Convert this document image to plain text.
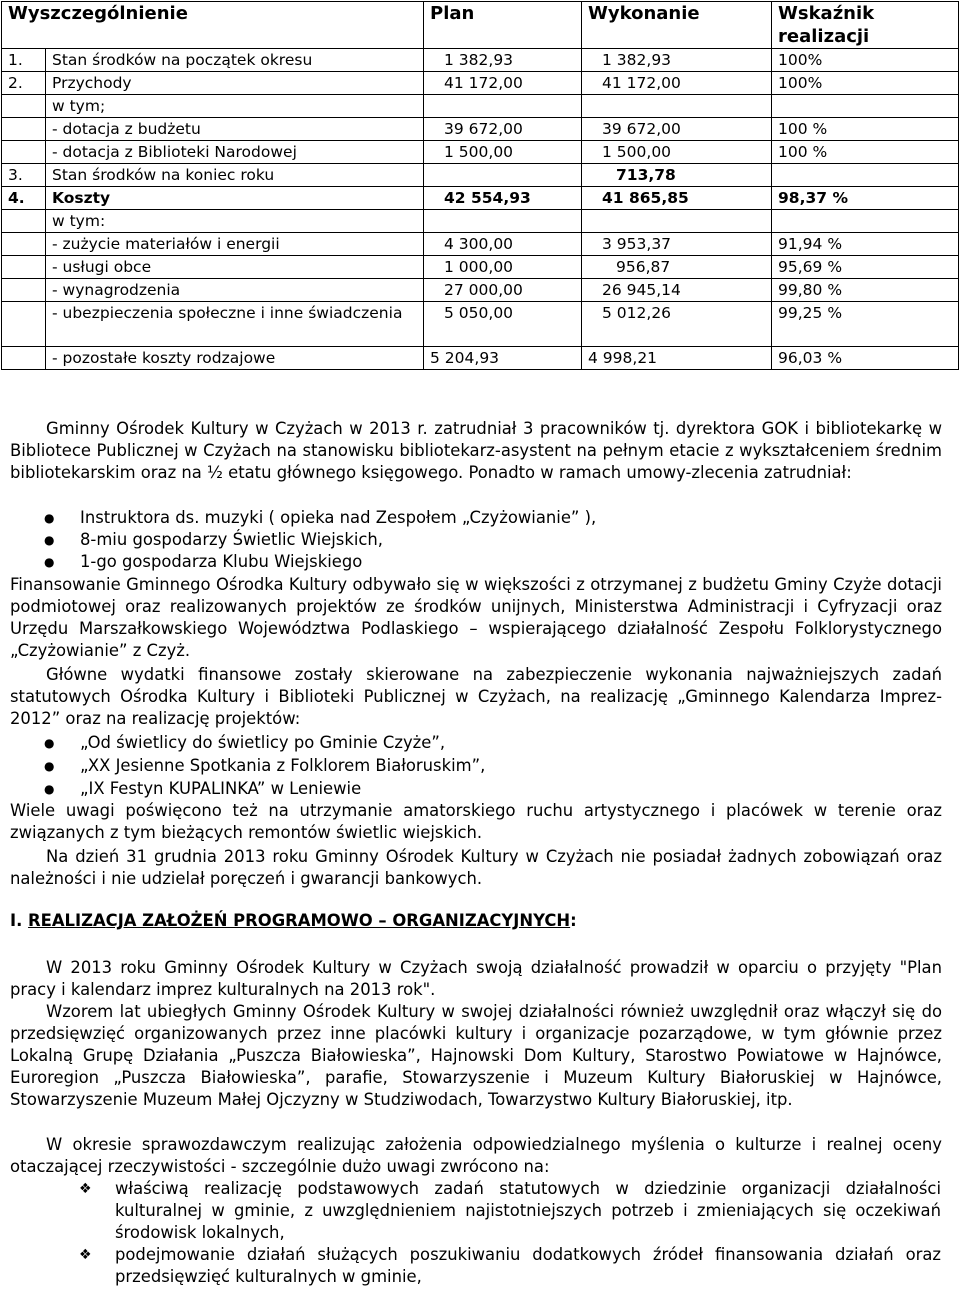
Wyszczególnienie		Plan	Wykonanie	Wskaźnik realizacji
1.	Stan środków na początek okresu	1 382,93	1 382,93	100%
2.	Przychody	41 172,00	41 172,00	100%
	w tym;			
	- dotacja z budżetu	39 672,00	39 672,00	100 %
	- dotacja z Biblioteki Narodowej	1 500,00	1 500,00	100 %
3.	Stan środków na koniec roku		713,78	
4.	Koszty	42 554,93	41 865,85	98,37 %
	w tym:			
	- zużycie materiałów i energii	4 300,00	3 953,37	91,94 %
	- usługi obce	1 000,00	956,87	95,69 %
	- wynagrodzenia	27 000,00	26 945,14	99,80 %
	- ubezpieczenia społeczne i inne świadczenia	5 050,00	5 012,26	99,25 %
	- pozostałe koszty rodzajowe	5 204,93	4 998,21	96,03 %

Gminny Ośrodek Kultury w Czyżach w 2013 r. zatrudniał 3 pracowników tj. dyrektora GOK i bibliotekarkę w Bibliotece Publicznej w Czyżach na stanowisku bibliotekarz-asystent na pełnym etacie z wykształceniem średnim bibliotekarskim oraz na ½ etatu głównego księgowego. Ponadto w ramach umowy-zlecenia zatrudniał:

● Instruktora ds. muzyki ( opieka nad Zespołem „Czyżowianie” ),
● 8-miu gospodarzy Świetlic Wiejskich,
● 1-go gospodarza Klubu Wiejskiego

Finansowanie Gminnego Ośrodka Kultury odbywało się w większości z otrzymanej z budżetu Gminy Czyże dotacji podmiotowej oraz realizowanych projektów ze środków unijnych, Ministerstwa Administracji i Cyfryzacji oraz Urzędu Marszałkowskiego Województwa Podlaskiego – wspierającego działalność Zespołu Folklorystycznego „Czyżowianie” z Czyż.

Główne wydatki finansowe zostały skierowane na zabezpieczenie wykonania najważniejszych zadań statutowych Ośrodka Kultury i Biblioteki Publicznej w Czyżach, na realizację „Gminnego Kalendarza Imprez-2012” oraz na realizację projektów:

● „Od świetlicy do świetlicy po Gminie Czyże”,
● „XX Jesienne Spotkania z Folklorem Białoruskim”,
● „IX Festyn KUPALINKA” w Leniewie

Wiele uwagi poświęcono też na utrzymanie amatorskiego ruchu artystycznego i placówek w terenie oraz związanych z tym bieżących remontów świetlic wiejskich.

Na dzień 31 grudnia 2013 roku Gminny Ośrodek Kultury w Czyżach nie posiadał żadnych zobowiązań oraz należności i nie udzielał poręczeń i gwarancji bankowych.

I. REALIZACJA ZAŁOŻEŃ PROGRAMOWO – ORGANIZACYJNYCH:

W 2013 roku Gminny Ośrodek Kultury w Czyżach swoją działalność prowadził w oparciu o przyjęty "Plan pracy i kalendarz imprez kulturalnych na 2013 rok".

Wzorem lat ubiegłych Gminny Ośrodek Kultury w swojej działalności również uwzględnił oraz włączył się do przedsięwzięć organizowanych przez inne placówki kultury i organizacje pozarządowe, w tym głównie przez Lokalną Grupę Działania „Puszcza Białowieska”, Hajnowski Dom Kultury, Starostwo Powiatowe w Hajnówce, Euroregion „Puszcza Białowieska”, parafie, Stowarzyszenie i Muzeum Kultury Białoruskiej w Hajnówce, Stowarzyszenie Muzeum Małej Ojczyzny w Studziwodach, Towarzystwo Kultury Białoruskiej, itp.

W okresie sprawozdawczym realizując założenia odpowiedzialnego myślenia o kulturze i realnej oceny otaczającej rzeczywistości - szczególnie dużo uwagi zwrócono na:

❖ właściwą realizację podstawowych zadań statutowych w dziedzinie organizacji działalności kulturalnej w gminie, z uwzględnieniem najistotniejszych potrzeb i zmieniających się oczekiwań środowisk lokalnych,
❖ podejmowanie działań służących poszukiwaniu dodatkowych źródeł finansowania działań oraz przedsięwzięć kulturalnych w gminie,
